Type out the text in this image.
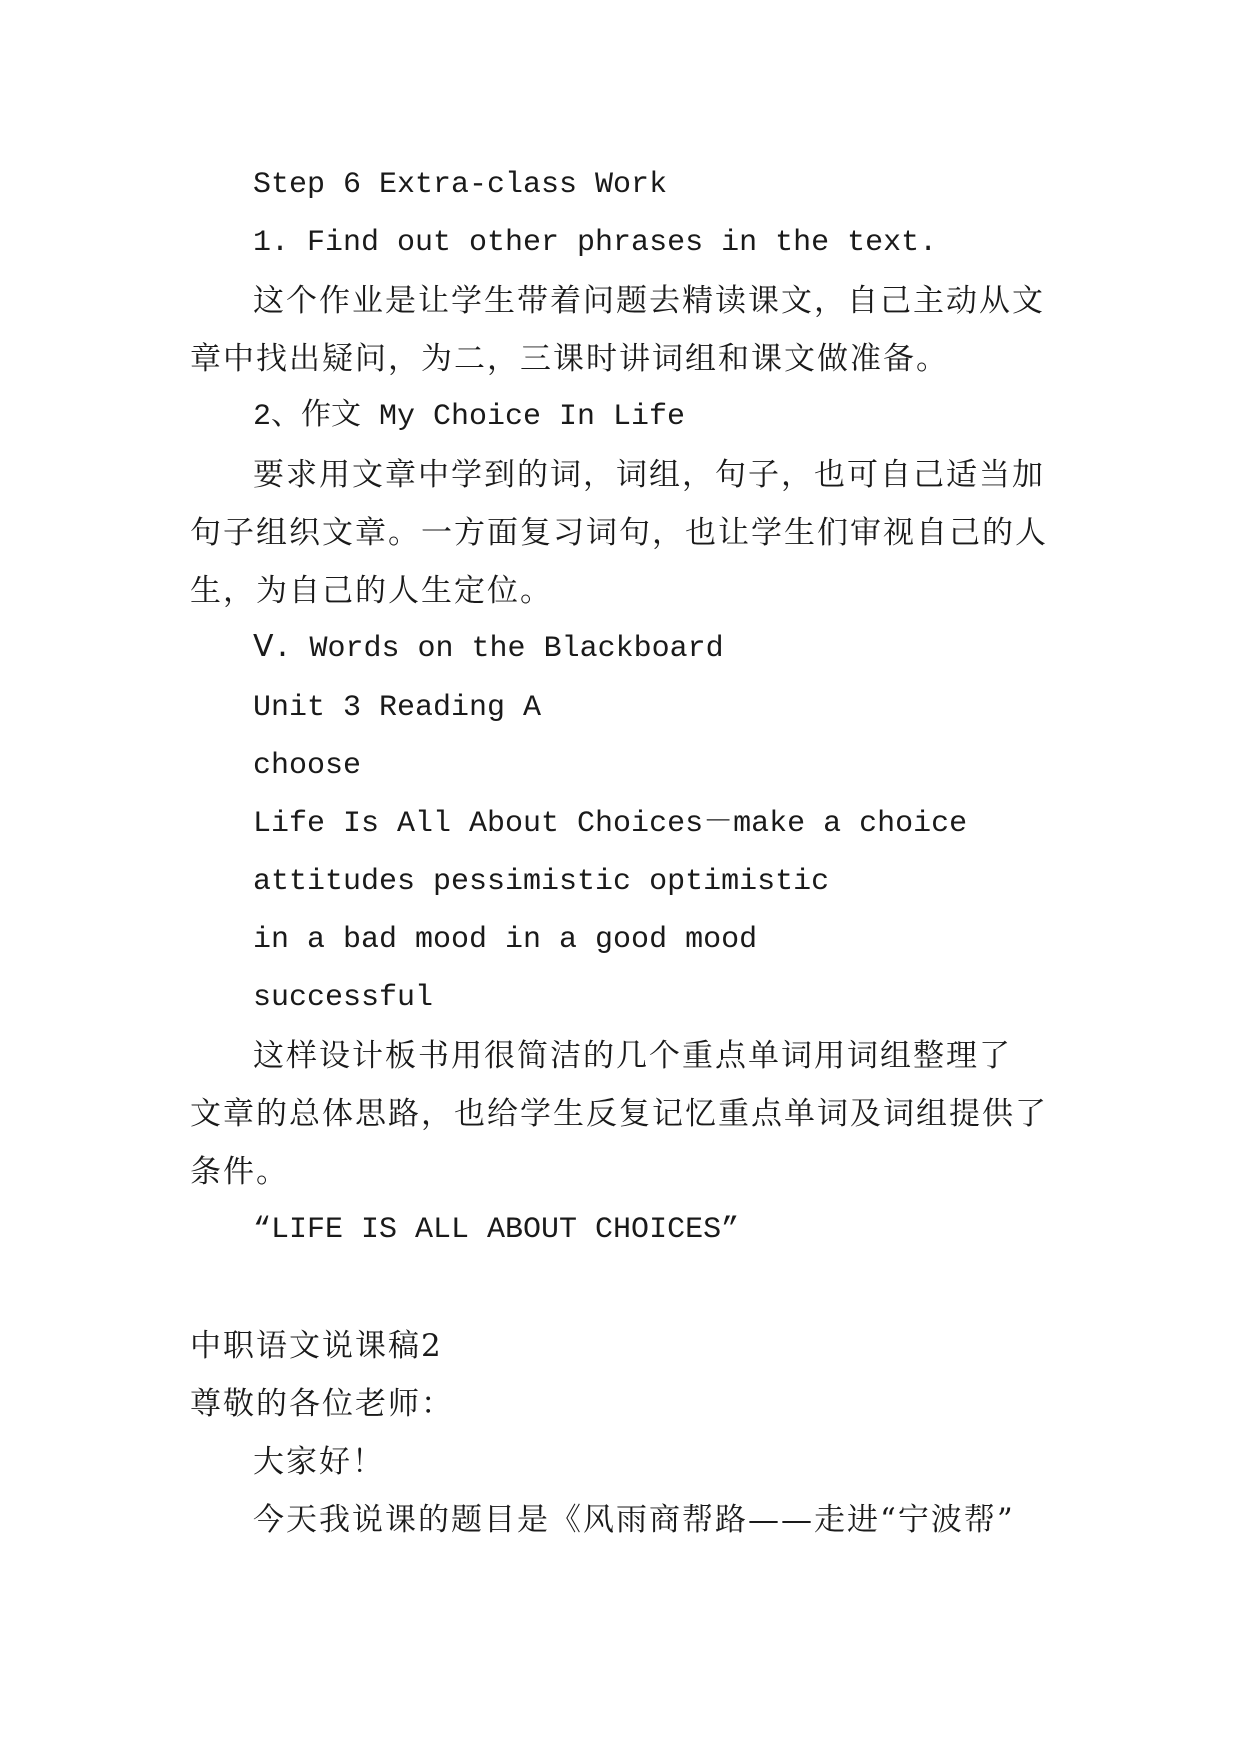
Step 6 Extra-class Work
1. Find out other phrases in the text.
这个作业是让学生带着问题去精读课文，自己主动从文
章中找出疑问，为二，三课时讲词组和课文做准备。
2、作文 My Choice In Life
要求用文章中学到的词，词组，句子，也可自己适当加
句子组织文章。一方面复习词句，也让学生们审视自己的人
生，为自己的人生定位。
Ⅴ. Words on the Blackboard
Unit 3 Reading A
choose
Life Is All About Choices－make a choice
attitudes pessimistic optimistic
in a bad mood in a good mood
successful
这样设计板书用很简洁的几个重点单词用词组整理了
文章的总体思路，也给学生反复记忆重点单词及词组提供了
条件。
“LIFE IS ALL ABOUT CHOICES”
中职语文说课稿2
尊敬的各位老师：
大家好！
今天我说课的题目是《风雨商帮路——走进“宁波帮”
